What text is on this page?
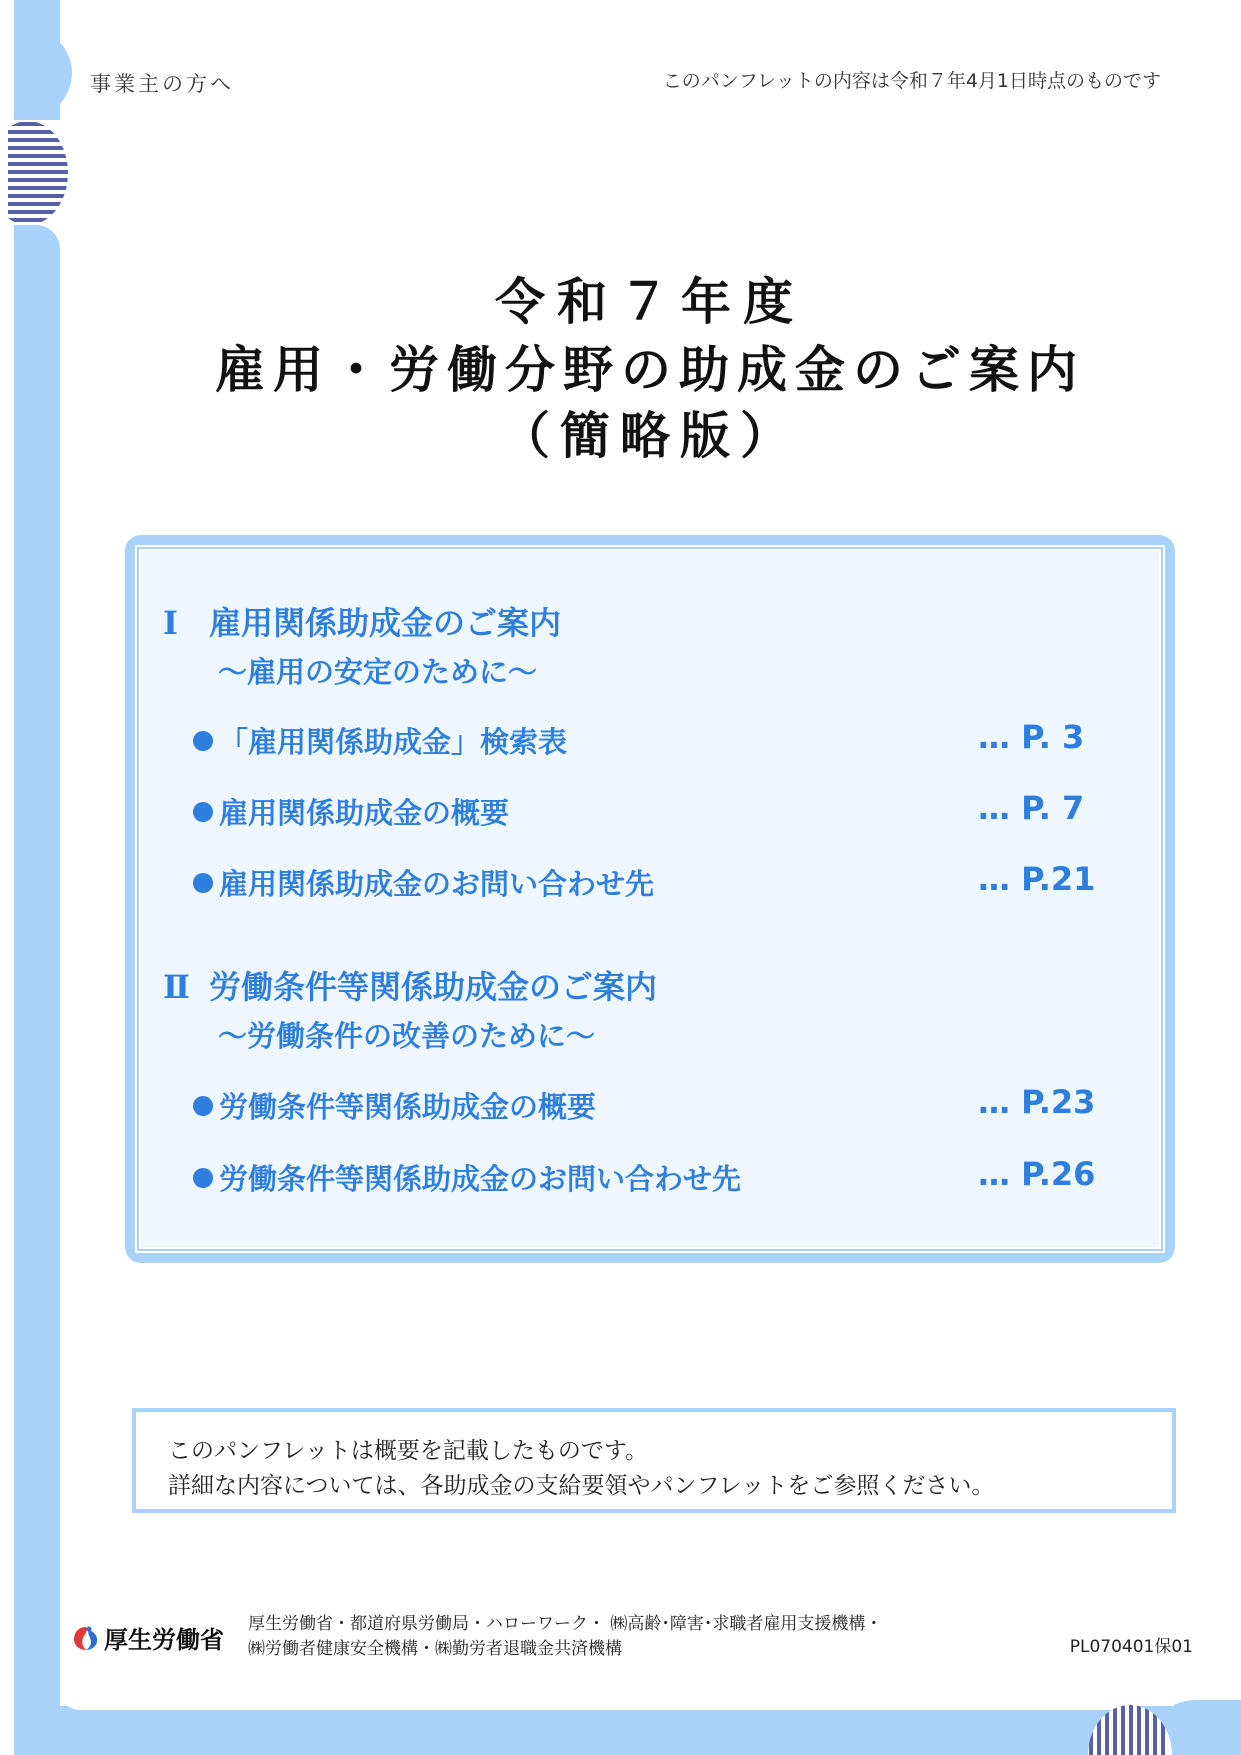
事業主の方へ	このパンフレットの内容は令和７年4月1日時点のものです
令和７年度
雇用・労働分野の助成金のご案内
（簡略版）
Ⅰ 雇用関係助成金のご案内
～雇用の安定のために～
「雇用関係助成金」検索表	… P. 3
雇用関係助成金の概要	… P. 7
雇用関係助成金のお問い合わせ先	… P.21
Ⅱ 労働条件等関係助成金のご案内
～労働条件の改善のために～
労働条件等関係助成金の概要	… P.23
労働条件等関係助成金のお問い合わせ先	… P.26
このパンフレットは概要を記載したものです。
詳細な内容については、各助成金の支給要領やパンフレットをご参照ください。
厚生労働省
厚生労働省・都道府県労働局・ハローワーク・ ㈱高齢･障害･求職者雇用支援機構・
㈱労働者健康安全機構・㈱勤労者退職金共済機構	PL070401保01
